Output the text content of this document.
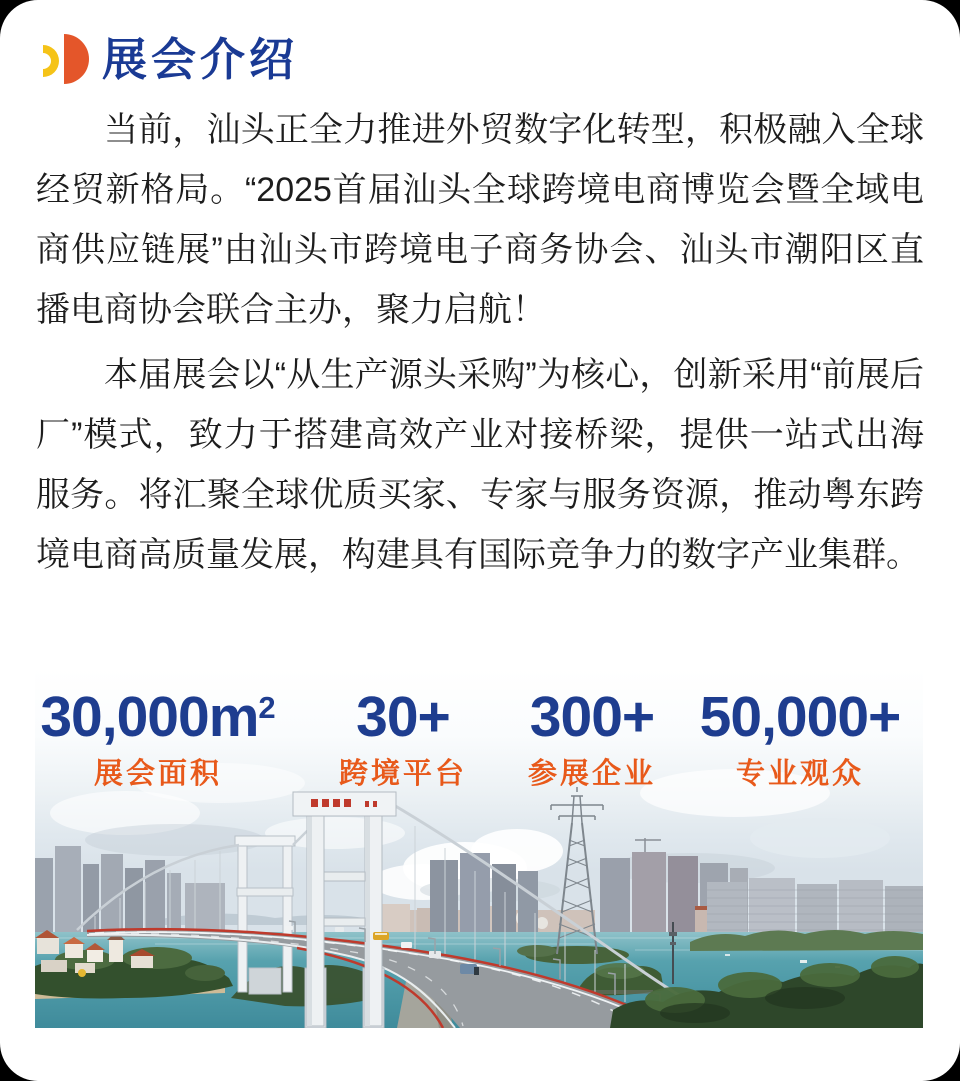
展会介绍

当前，汕头正全力推进外贸数字化转型，积极融入全球经贸新格局。“2025首届汕头全球跨境电商博览会暨全域电商供应链展”由汕头市跨境电子商务协会、汕头市潮阳区直播电商协会联合主办，聚力启航！

本届展会以“从生产源头采购”为核心，创新采用“前展后厂”模式，致力于搭建高效产业对接桥梁，提供一站式出海服务。将汇聚全球优质买家、专家与服务资源，推动粤东跨境电商高质量发展，构建具有国际竞争力的数字产业集群。

$30,000m^2$
展会面积
30+
跨境平台
300+
参展企业
50,000+
专业观众
